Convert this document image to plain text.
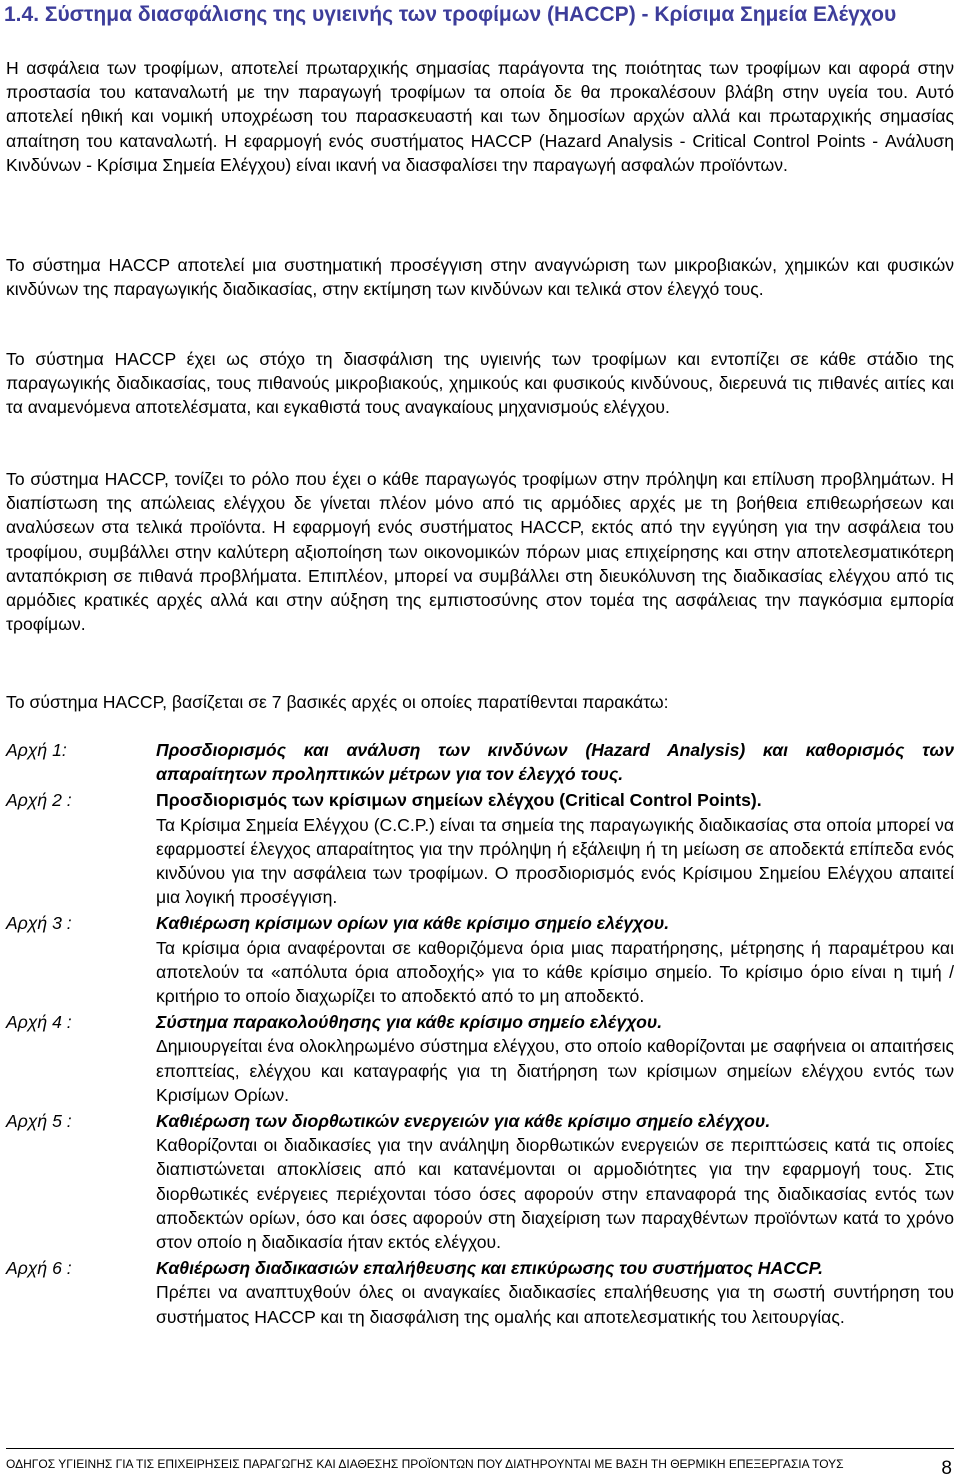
1.4. Σύστημα διασφάλισης της υγιεινής των τροφίμων (HACCP) - Κρίσιμα Σημεία Ελέγχου
Η ασφάλεια των τροφίμων, αποτελεί πρωταρχικής σημασίας παράγοντα της ποιότητας των τροφίμων και αφορά στην προστασία του καταναλωτή με την παραγωγή τροφίμων τα οποία δε θα προκαλέσουν βλάβη στην υγεία του. Αυτό αποτελεί ηθική και νομική υποχρέωση του παρασκευαστή και των δημοσίων αρχών αλλά και πρωταρχικής σημασίας απαίτηση του καταναλωτή. Η εφαρμογή ενός συστήματος HACCP (Hazard Analysis - Critical Control Points - Ανάλυση Κινδύνων - Κρίσιμα Σημεία Ελέγχου) είναι ικανή να διασφαλίσει την παραγωγή ασφαλών προϊόντων.
Το σύστημα HACCP αποτελεί μια συστηματική προσέγγιση στην αναγνώριση των μικροβιακών, χημικών και φυσικών κινδύνων της παραγωγικής διαδικασίας, στην εκτίμηση των κινδύνων και τελικά στον έλεγχό τους.
Το σύστημα HACCP έχει ως στόχο τη διασφάλιση της υγιεινής των τροφίμων και εντοπίζει σε κάθε στάδιο της παραγωγικής διαδικασίας, τους πιθανούς μικροβιακούς, χημικούς και φυσικούς κινδύνους, διερευνά τις πιθανές αιτίες και τα αναμενόμενα αποτελέσματα, και εγκαθιστά τους αναγκαίους μηχανισμούς ελέγχου.
Το σύστημα HACCP, τονίζει το ρόλο που έχει ο κάθε παραγωγός τροφίμων στην πρόληψη και επίλυση προβλημάτων. Η διαπίστωση της απώλειας ελέγχου δε γίνεται πλέον μόνο από τις αρμόδιες αρχές με τη βοήθεια επιθεωρήσεων και αναλύσεων στα τελικά προϊόντα. Η εφαρμογή ενός συστήματος HACCP, εκτός από την εγγύηση για την ασφάλεια του τροφίμου, συμβάλλει στην καλύτερη αξιοποίηση των οικονομικών πόρων μιας επιχείρησης και στην αποτελεσματικότερη ανταπόκριση σε πιθανά προβλήματα. Επιπλέον, μπορεί να συμβάλλει στη διευκόλυνση της διαδικασίας ελέγχου από τις αρμόδιες κρατικές αρχές αλλά και στην αύξηση της εμπιστοσύνης στον τομέα της ασφάλειας την παγκόσμια εμπορία τροφίμων.
Το σύστημα HACCP, βασίζεται σε 7 βασικές αρχές οι οποίες παρατίθενται παρακάτω:
Αρχή 1:	Προσδιορισμός και ανάλυση των κινδύνων (Hazard Analysis) και καθορισμός των απαραίτητων προληπτικών μέτρων για τον έλεγχό τους.
Αρχή 2 :	Προσδιορισμός των κρίσιμων σημείων ελέγχου (Critical Control Points).
Τα Κρίσιμα Σημεία Ελέγχου (C.C.P.) είναι τα σημεία της παραγωγικής διαδικασίας στα οποία μπορεί να εφαρμοστεί έλεγχος απαραίτητος για την πρόληψη ή εξάλειψη ή τη μείωση σε αποδεκτά επίπεδα ενός κινδύνου για την ασφάλεια των τροφίμων. Ο προσδιορισμός ενός Κρίσιμου Σημείου Ελέγχου απαιτεί μια λογική προσέγγιση.
Αρχή 3 :	Καθιέρωση κρίσιμων ορίων για κάθε κρίσιμο σημείο ελέγχου.
Τα κρίσιμα όρια αναφέρονται σε καθοριζόμενα όρια μιας παρατήρησης, μέτρησης ή παραμέτρου και αποτελούν τα «απόλυτα όρια αποδοχής» για το κάθε κρίσιμο σημείο. Το κρίσιμο όριο είναι η τιμή / κριτήριο το οποίο διαχωρίζει το αποδεκτό από το μη αποδεκτό.
Αρχή 4 :	Σύστημα παρακολούθησης για κάθε κρίσιμο σημείο ελέγχου.
Δημιουργείται ένα ολοκληρωμένο σύστημα ελέγχου, στο οποίο καθορίζονται με σαφήνεια οι απαιτήσεις εποπτείας, ελέγχου και καταγραφής για τη διατήρηση των κρίσιμων σημείων ελέγχου εντός των Κρισίμων Ορίων.
Αρχή 5 :	Καθιέρωση των διορθωτικών ενεργειών για κάθε κρίσιμο σημείο ελέγχου.
Καθορίζονται οι διαδικασίες για την ανάληψη διορθωτικών ενεργειών σε περιπτώσεις κατά τις οποίες διαπιστώνεται αποκλίσεις από και κατανέμονται οι αρμοδιότητες για την εφαρμογή τους. Στις διορθωτικές ενέργειες περιέχονται τόσο όσες αφορούν στην επαναφορά της διαδικασίας εντός των αποδεκτών ορίων, όσο και όσες αφορούν στη διαχείριση των παραχθέντων προϊόντων κατά το χρόνο στον οποίο η διαδικασία ήταν εκτός ελέγχου.
Αρχή 6 :	Καθιέρωση διαδικασιών επαλήθευσης και επικύρωσης του συστήματος HACCP.
Πρέπει να αναπτυχθούν όλες οι αναγκαίες διαδικασίες επαλήθευσης για τη σωστή συντήρηση του συστήματος HACCP και τη διασφάλιση της ομαλής και αποτελεσματικής του λειτουργίας.
ΟΔΗΓΟΣ ΥΓΙΕΙΝΗΣ ΓΙΑ ΤΙΣ ΕΠΙΧΕΙΡΗΣΕΙΣ ΠΑΡΑΓΩΓΗΣ ΚΑΙ ΔΙΑΘΕΣΗΣ ΠΡΟΪΟΝΤΩΝ ΠΟΥ ΔΙΑΤΗΡΟΥΝΤΑΙ ΜΕ ΒΑΣΗ ΤΗ ΘΕΡΜΙΚΗ ΕΠΕΞΕΡΓΑΣΙΑ ΤΟΥΣ	8
